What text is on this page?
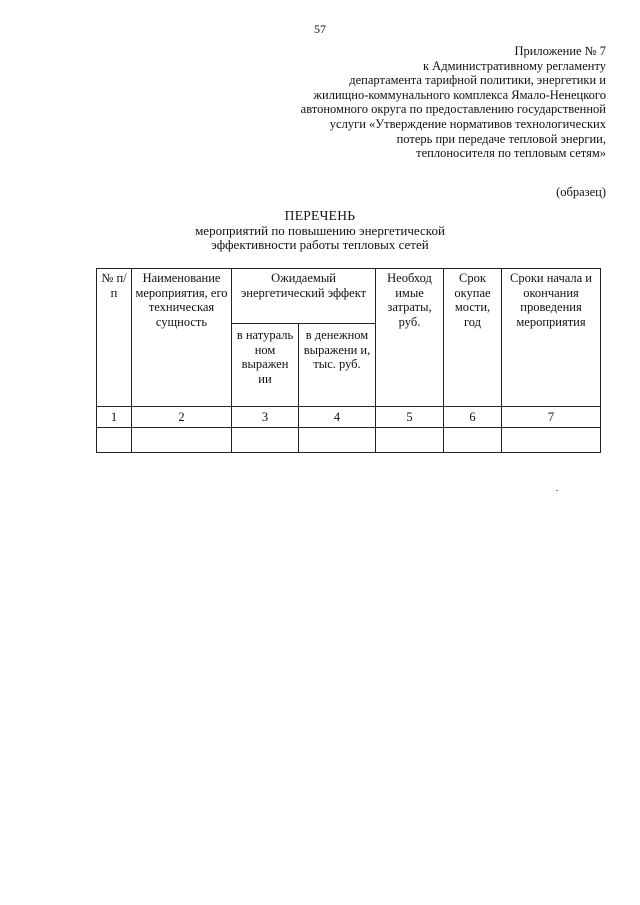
57
Приложение № 7
к Административному регламенту
департамента тарифной политики, энергетики и
жилищно-коммунального комплекса Ямало-Ненецкого
автономного округа по предоставлению государственной
услуги «Утверждение нормативов технологических
потерь при передаче тепловой энергии,
теплоносителя по тепловым сетям»
(образец)
ПЕРЕЧЕНЬ
мероприятий по повышению энергетической
эффективности работы тепловых сетей
№ п/п	Наименование мероприятия, его техническая сущность	Ожидаемый энергетический эффект		Необход имые затраты, руб.	Срок окупае мости, год	Сроки начала и окончания проведения мероприятия
		в натураль ном выражен ии	в денежном выражени и, тыс. руб.			
1	2	3	4	5	6	7
